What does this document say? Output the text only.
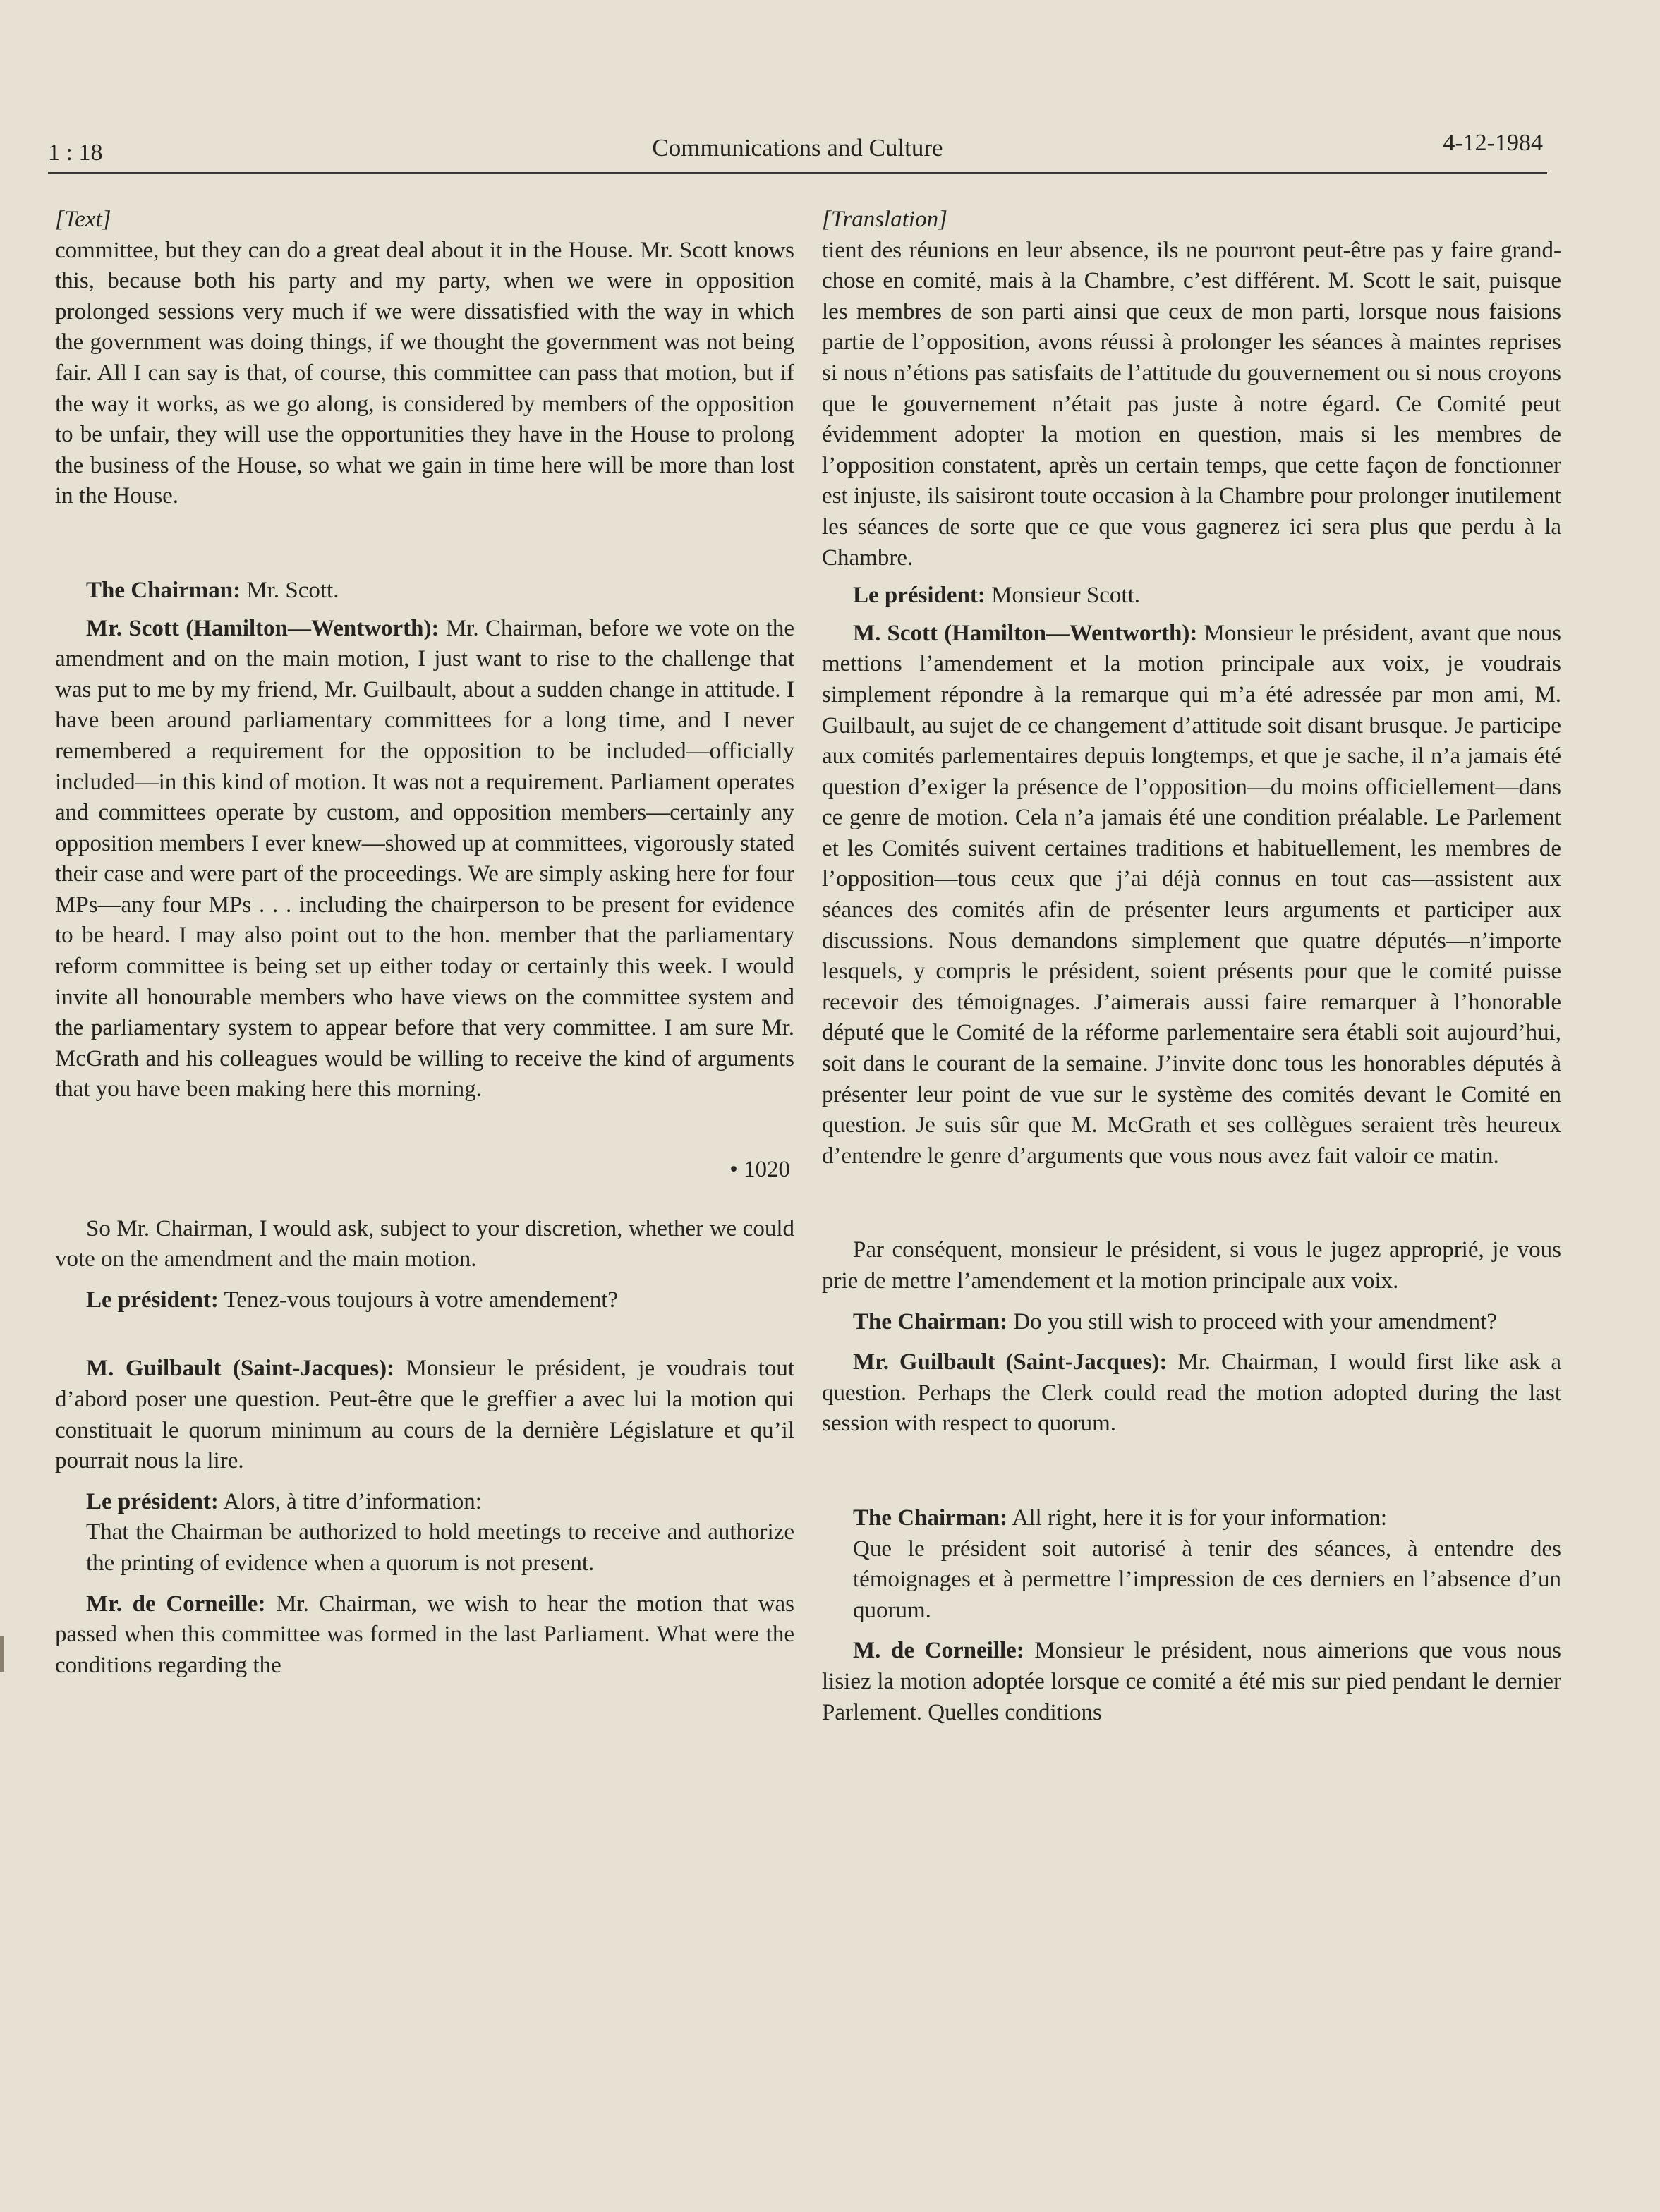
1 : 18	Communications and Culture	4-12-1984

[Text]

committee, but they can do a great deal about it in the House. Mr. Scott knows this, because both his party and my party, when we were in opposition prolonged sessions very much if we were dissatisfied with the way in which the government was doing things, if we thought the government was not being fair. All I can say is that, of course, this committee can pass that motion, but if the way it works, as we go along, is considered by members of the opposition to be unfair, they will use the opportunities they have in the House to prolong the business of the House, so what we gain in time here will be more than lost in the House.

The Chairman: Mr. Scott.

Mr. Scott (Hamilton—Wentworth): Mr. Chairman, before we vote on the amendment and on the main motion, I just want to rise to the challenge that was put to me by my friend, Mr. Guilbault, about a sudden change in attitude. I have been around parliamentary committees for a long time, and I never remembered a requirement for the opposition to be included—officially included—in this kind of motion. It was not a requirement. Parliament operates and committees operate by custom, and opposition members—certainly any opposition members I ever knew—showed up at committees, vigorously stated their case and were part of the proceedings. We are simply asking here for four MPs—any four MPs . . . including the chairperson to be present for evidence to be heard. I may also point out to the hon. member that the parliamentary reform committee is being set up either today or certainly this week. I would invite all honourable members who have views on the committee system and the parliamentary system to appear before that very committee. I am sure Mr. McGrath and his colleagues would be willing to receive the kind of arguments that you have been making here this morning.

• 1020

So Mr. Chairman, I would ask, subject to your discretion, whether we could vote on the amendment and the main motion.

Le président: Tenez-vous toujours à votre amendement?

M. Guilbault (Saint-Jacques): Monsieur le président, je voudrais tout d’abord poser une question. Peut-être que le greffier a avec lui la motion qui constituait le quorum minimum au cours de la dernière Législature et qu’il pourrait nous la lire.

Le président: Alors, à titre d’information:

That the Chairman be authorized to hold meetings to receive and authorize the printing of evidence when a quorum is not present.

Mr. de Corneille: Mr. Chairman, we wish to hear the motion that was passed when this committee was formed in the last Parliament. What were the conditions regarding the

[Translation]

tient des réunions en leur absence, ils ne pourront peut-être pas y faire grand-chose en comité, mais à la Chambre, c’est différent. M. Scott le sait, puisque les membres de son parti ainsi que ceux de mon parti, lorsque nous faisions partie de l’opposition, avons réussi à prolonger les séances à maintes reprises si nous n’étions pas satisfaits de l’attitude du gouvernement ou si nous croyons que le gouvernement n’était pas juste à notre égard. Ce Comité peut évidemment adopter la motion en question, mais si les membres de l’opposition constatent, après un certain temps, que cette façon de fonctionner est injuste, ils saisiront toute occasion à la Chambre pour prolonger inutilement les séances de sorte que ce que vous gagnerez ici sera plus que perdu à la Chambre.

Le président: Monsieur Scott.

M. Scott (Hamilton—Wentworth): Monsieur le président, avant que nous mettions l’amendement et la motion principale aux voix, je voudrais simplement répondre à la remarque qui m’a été adressée par mon ami, M. Guilbault, au sujet de ce changement d’attitude soit disant brusque. Je participe aux comités parlementaires depuis longtemps, et que je sache, il n’a jamais été question d’exiger la présence de l’opposition—du moins officiellement—dans ce genre de motion. Cela n’a jamais été une condition préalable. Le Parlement et les Comités suivent certaines traditions et habituellement, les membres de l’opposition—tous ceux que j’ai déjà connus en tout cas—assistent aux séances des comités afin de présenter leurs arguments et participer aux discussions. Nous demandons simplement que quatre députés—n’importe lesquels, y compris le président, soient présents pour que le comité puisse recevoir des témoignages. J’aimerais aussi faire remarquer à l’honorable député que le Comité de la réforme parlementaire sera établi soit aujourd’hui, soit dans le courant de la semaine. J’invite donc tous les honorables députés à présenter leur point de vue sur le système des comités devant le Comité en question. Je suis sûr que M. McGrath et ses collègues seraient très heureux d’entendre le genre d’arguments que vous nous avez fait valoir ce matin.

Par conséquent, monsieur le président, si vous le jugez approprié, je vous prie de mettre l’amendement et la motion principale aux voix.

The Chairman: Do you still wish to proceed with your amendment?

Mr. Guilbault (Saint-Jacques): Mr. Chairman, I would first like ask a question. Perhaps the Clerk could read the motion adopted during the last session with respect to quorum.

The Chairman: All right, here it is for your information:

Que le président soit autorisé à tenir des séances, à entendre des témoignages et à permettre l’impression de ces derniers en l’absence d’un quorum.

M. de Corneille: Monsieur le président, nous aimerions que vous nous lisiez la motion adoptée lorsque ce comité a été mis sur pied pendant le dernier Parlement. Quelles conditions
